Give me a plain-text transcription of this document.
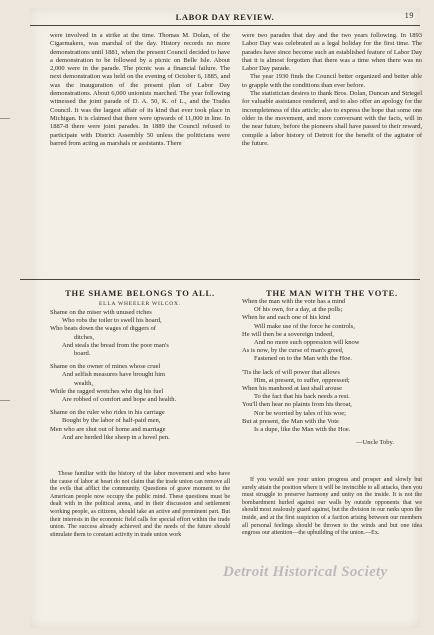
LABOR DAY REVIEW.	19

were involved in a strike at the time. Thomas M. Dolan, of the Cigarmakers, was marshal of the day. History records no more demonstrations until 1881, when the present Council decided to have a demonstration to be followed by a picnic on Belle Isle. About 2,000 were in the parade. The picnic was a financial failure. The next demonstration was held on the evening of October 6, 1885, and was the inauguration of the present plan of Labor Day demonstrations. About 6,000 unionists marched. The year following witnessed the joint parade of D. A. 50, K. of L., and the Trades Council. It was the largest affair of its kind that ever took place in Michigan. It is claimed that there were upwards of 11,000 in line. In 1887-8 there were joint parades. In 1889 the Council refused to participate with District Assembly 50 unless the politicians were barred from acting as marshals or assistants. There

were two parades that day and the two years following. In 1893 Labor Day was celebrated as a legal holiday for the first time. The parades have since become such an established feature of Labor Day that it is almost forgotten that there was a time when there was no Labor Day parade.

The year 1930 finds the Council better organized and better able to grapple with the conditions than ever before.

The statistician desires to thank Bros. Dolan, Duncan and Striegel for valuable assistance rendered, and to also offer an apology for the incompleteness of this article; also to express the hope that some one older in the movement, and more conversant with the facts, will in the near future, before the pioneers shall have passed to their reward, compile a labor history of Detroit for the benefit of the agitator of the future.

THE SHAME BELONGS TO ALL.
ELLA WHEELER WILCOX.
THE MAN WITH THE VOTE.
Shame on the miser with unused riches
Who robs the toiler to swell his hoard,
Who beats down the wages of diggers of
ditches,
And steals the bread from the poor man's
board.
Shame on the owner of mines whose cruel
And selfish measures have brought him
wealth,
While the ragged wretches who dig his fuel
Are robbed of comfort and hope and health.
Shame on the ruler who rides in his carriage
Bought by the labor of half-paid men,
Men who are shut out of home and marriage
And are herded like sheep in a hovel pen.
When the man with the vote has a mind
Of his own, for a day, at the polls;
When he and each one of his kind
Will make use of the force he controls,
He will then be a sovereign indeed,
And no more such oppression will know
As is now, by the curse of man's greed,
Fastened on to the Man with the Hoe.
'Tis the lack of will power that allows
Him, at present, to suffer, oppressed;
When his manhood at last shall arouse
To the fact that his back needs a rest.
You'll then hear no plaints from his throat,
Nor be worried by tales of his woe;
But at present, the Man with the Vote
Is a dupe, like the Man with the Hoe.
—Uncle Toby.

Those familiar with the history of the labor movement and who have the cause of labor at heart do not claim that the trade union can remove all the evils that afflict the community. Questions of grave moment to the American people now occupy the public mind. These questions must be dealt with in the political arena, and in their discussion and settlement working people, as citizens, should take an active and prominent part. But their interests in the economic field calls for special effort within the trade union. The success already achieved and the needs of the future should stimulate them to constant activity in trade union work

If you would see your union progress and prosper and slowly but surely attain the position where it will be invincible to all attacks, then you must struggle to preserve harmony and unity on the inside. It is not the bombardment hurled against our walls by outside opponents that we should most zealously guard against, but the division in our ranks upon the inside, and at the first suspicion of a faction arising between our members all personal feelings should be thrown to the winds and but one idea engross our attention—the upbuilding of the union.—Ex.

Detroit Historical Society
